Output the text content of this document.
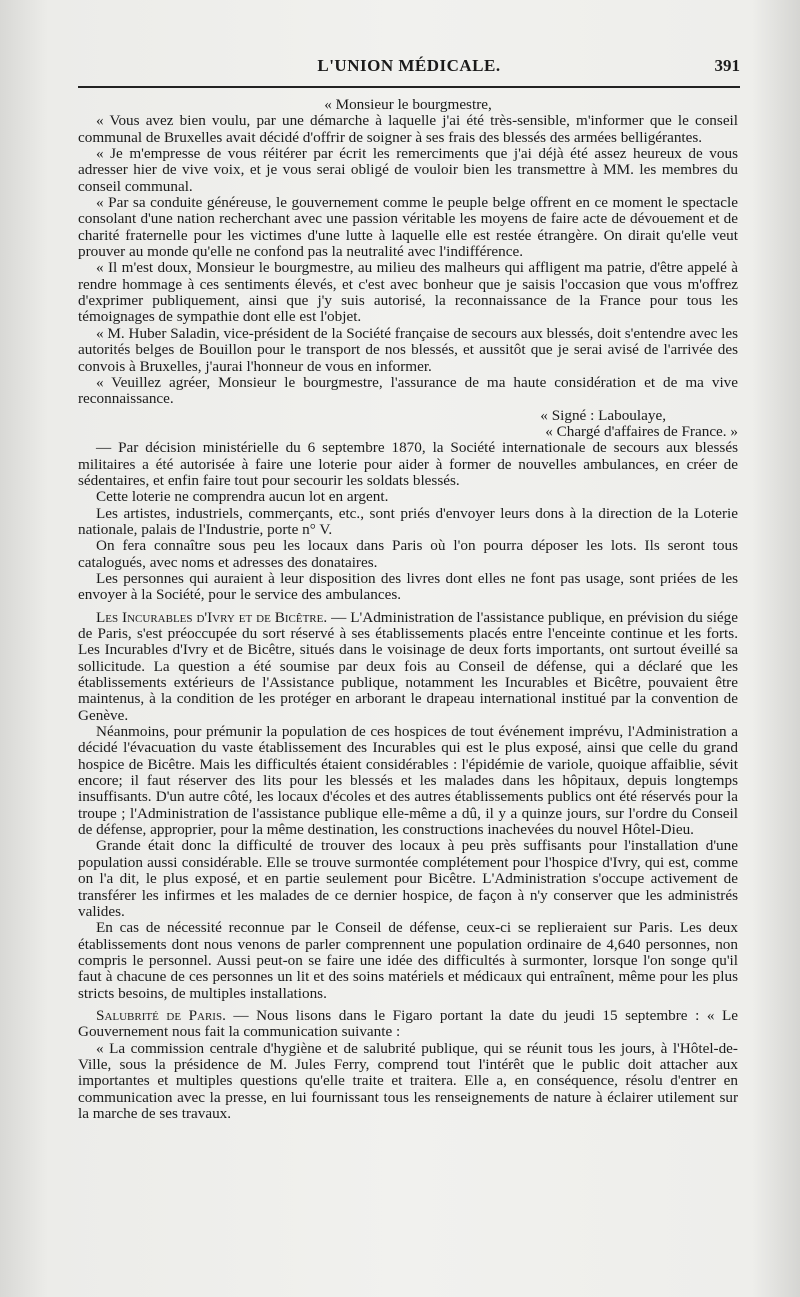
L'UNION MÉDICALE.	391

« Monsieur le bourgmestre,

« Vous avez bien voulu, par une démarche à laquelle j'ai été très-sensible, m'informer que le conseil communal de Bruxelles avait décidé d'offrir de soigner à ses frais des blessés des armées belligérantes.

« Je m'empresse de vous réitérer par écrit les remerciments que j'ai déjà été assez heureux de vous adresser hier de vive voix, et je vous serai obligé de vouloir bien les transmettre à MM. les membres du conseil communal.

« Par sa conduite généreuse, le gouvernement comme le peuple belge offrent en ce moment le spectacle consolant d'une nation recherchant avec une passion véritable les moyens de faire acte de dévouement et de charité fraternelle pour les victimes d'une lutte à laquelle elle est restée étrangère. On dirait qu'elle veut prouver au monde qu'elle ne confond pas la neutralité avec l'indifférence.

« Il m'est doux, Monsieur le bourgmestre, au milieu des malheurs qui affligent ma patrie, d'être appelé à rendre hommage à ces sentiments élevés, et c'est avec bonheur que je saisis l'occasion que vous m'offrez d'exprimer publiquement, ainsi que j'y suis autorisé, la reconnaissance de la France pour tous les témoignages de sympathie dont elle est l'objet.

« M. Huber Saladin, vice-président de la Société française de secours aux blessés, doit s'entendre avec les autorités belges de Bouillon pour le transport de nos blessés, et aussitôt que je serai avisé de l'arrivée des convois à Bruxelles, j'aurai l'honneur de vous en informer.

« Veuillez agréer, Monsieur le bourgmestre, l'assurance de ma haute considération et de ma vive reconnaissance.

« Signé : Laboulaye,

« Chargé d'affaires de France. »

— Par décision ministérielle du 6 septembre 1870, la Société internationale de secours aux blessés militaires a été autorisée à faire une loterie pour aider à former de nouvelles ambulances, en créer de sédentaires, et enfin faire tout pour secourir les soldats blessés.

Cette loterie ne comprendra aucun lot en argent.

Les artistes, industriels, commerçants, etc., sont priés d'envoyer leurs dons à la direction de la Loterie nationale, palais de l'Industrie, porte n° V.

On fera connaître sous peu les locaux dans Paris où l'on pourra déposer les lots. Ils seront tous catalogués, avec noms et adresses des donataires.

Les personnes qui auraient à leur disposition des livres dont elles ne font pas usage, sont priées de les envoyer à la Société, pour le service des ambulances.

Les Incurables d'Ivry et de Bicêtre. — L'Administration de l'assistance publique, en prévision du siége de Paris, s'est préoccupée du sort réservé à ses établissements placés entre l'enceinte continue et les forts. Les Incurables d'Ivry et de Bicêtre, situés dans le voisinage de deux forts importants, ont surtout éveillé sa sollicitude. La question a été soumise par deux fois au Conseil de défense, qui a déclaré que les établissements extérieurs de l'Assistance publique, notamment les Incurables et Bicêtre, pouvaient être maintenus, à la condition de les protéger en arborant le drapeau international institué par la convention de Genève.

Néanmoins, pour prémunir la population de ces hospices de tout événement imprévu, l'Administration a décidé l'évacuation du vaste établissement des Incurables qui est le plus exposé, ainsi que celle du grand hospice de Bicêtre. Mais les difficultés étaient considérables : l'épidémie de variole, quoique affaiblie, sévit encore; il faut réserver des lits pour les blessés et les malades dans les hôpitaux, depuis longtemps insuffisants. D'un autre côté, les locaux d'écoles et des autres établissements publics ont été réservés pour la troupe ; l'Administration de l'assistance publique elle-même a dû, il y a quinze jours, sur l'ordre du Conseil de défense, approprier, pour la même destination, les constructions inachevées du nouvel Hôtel-Dieu.

Grande était donc la difficulté de trouver des locaux à peu près suffisants pour l'installation d'une population aussi considérable. Elle se trouve surmontée complétement pour l'hospice d'Ivry, qui est, comme on l'a dit, le plus exposé, et en partie seulement pour Bicêtre. L'Administration s'occupe activement de transférer les infirmes et les malades de ce dernier hospice, de façon à n'y conserver que les administrés valides.

En cas de nécessité reconnue par le Conseil de défense, ceux-ci se replieraient sur Paris. Les deux établissements dont nous venons de parler comprennent une population ordinaire de 4,640 personnes, non compris le personnel. Aussi peut-on se faire une idée des difficultés à surmonter, lorsque l'on songe qu'il faut à chacune de ces personnes un lit et des soins matériels et médicaux qui entraînent, même pour les plus stricts besoins, de multiples installations.

Salubrité de Paris. — Nous lisons dans le Figaro portant la date du jeudi 15 septembre : « Le Gouvernement nous fait la communication suivante :

« La commission centrale d'hygiène et de salubrité publique, qui se réunit tous les jours, à l'Hôtel-de-Ville, sous la présidence de M. Jules Ferry, comprend tout l'intérêt que le public doit attacher aux importantes et multiples questions qu'elle traite et traitera. Elle a, en conséquence, résolu d'entrer en communication avec la presse, en lui fournissant tous les renseignements de nature à éclairer utilement sur la marche de ses travaux.
